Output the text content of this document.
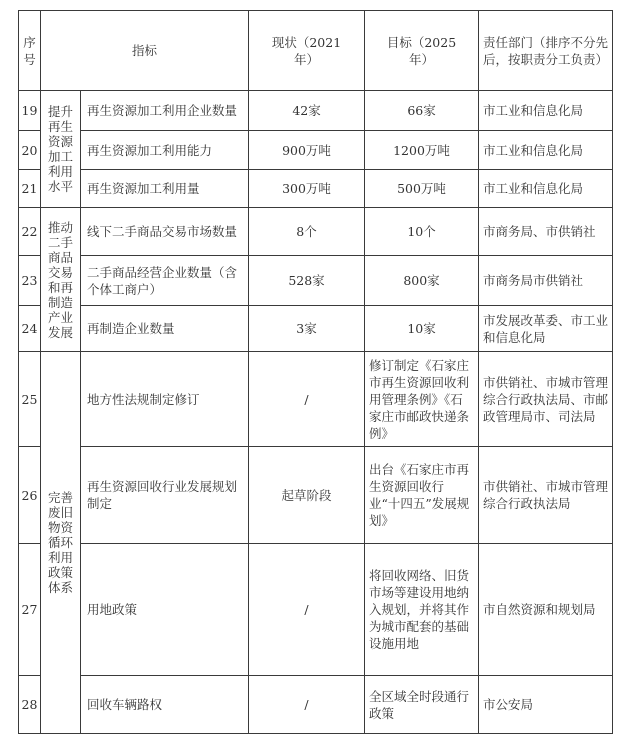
序号	指标		现状（2021年）	目标（2025年）	责任部门（排序不分先后，按职责分工负责）
19	提升再生资源加工利用水平	再生资源加工利用企业数量	42家	66家	市工业和信息化局
20		再生资源加工利用能力	900万吨	1200万吨	市工业和信息化局
21		再生资源加工利用量	300万吨	500万吨	市工业和信息化局
22	推动二手商品交易和再制造产业发展	线下二手商品交易市场数量	8个	10个	市商务局、市供销社
23		二手商品经营企业数量（含个体工商户）	528家	800家	市商务局市供销社
24		再制造企业数量	3家	10家	市发展改革委、市工业和信息化局
25	完善废旧物资循环利用政策体系	地方性法规制定修订	/	修订制定《石家庄市再生资源回收利用管理条例》《石家庄市邮政快递条例》	市供销社、市城市管理综合行政执法局、市邮政管理局市、司法局
26		再生资源回收行业发展规划制定	起草阶段	出台《石家庄市再生资源回收行业“十四五”发展规划》	市供销社、市城市管理综合行政执法局
27		用地政策	/	将回收网络、旧货市场等建设用地纳入规划，并将其作为城市配套的基础设施用地	市自然资源和规划局
28		回收车辆路权	/	全区域全时段通行政策	市公安局
